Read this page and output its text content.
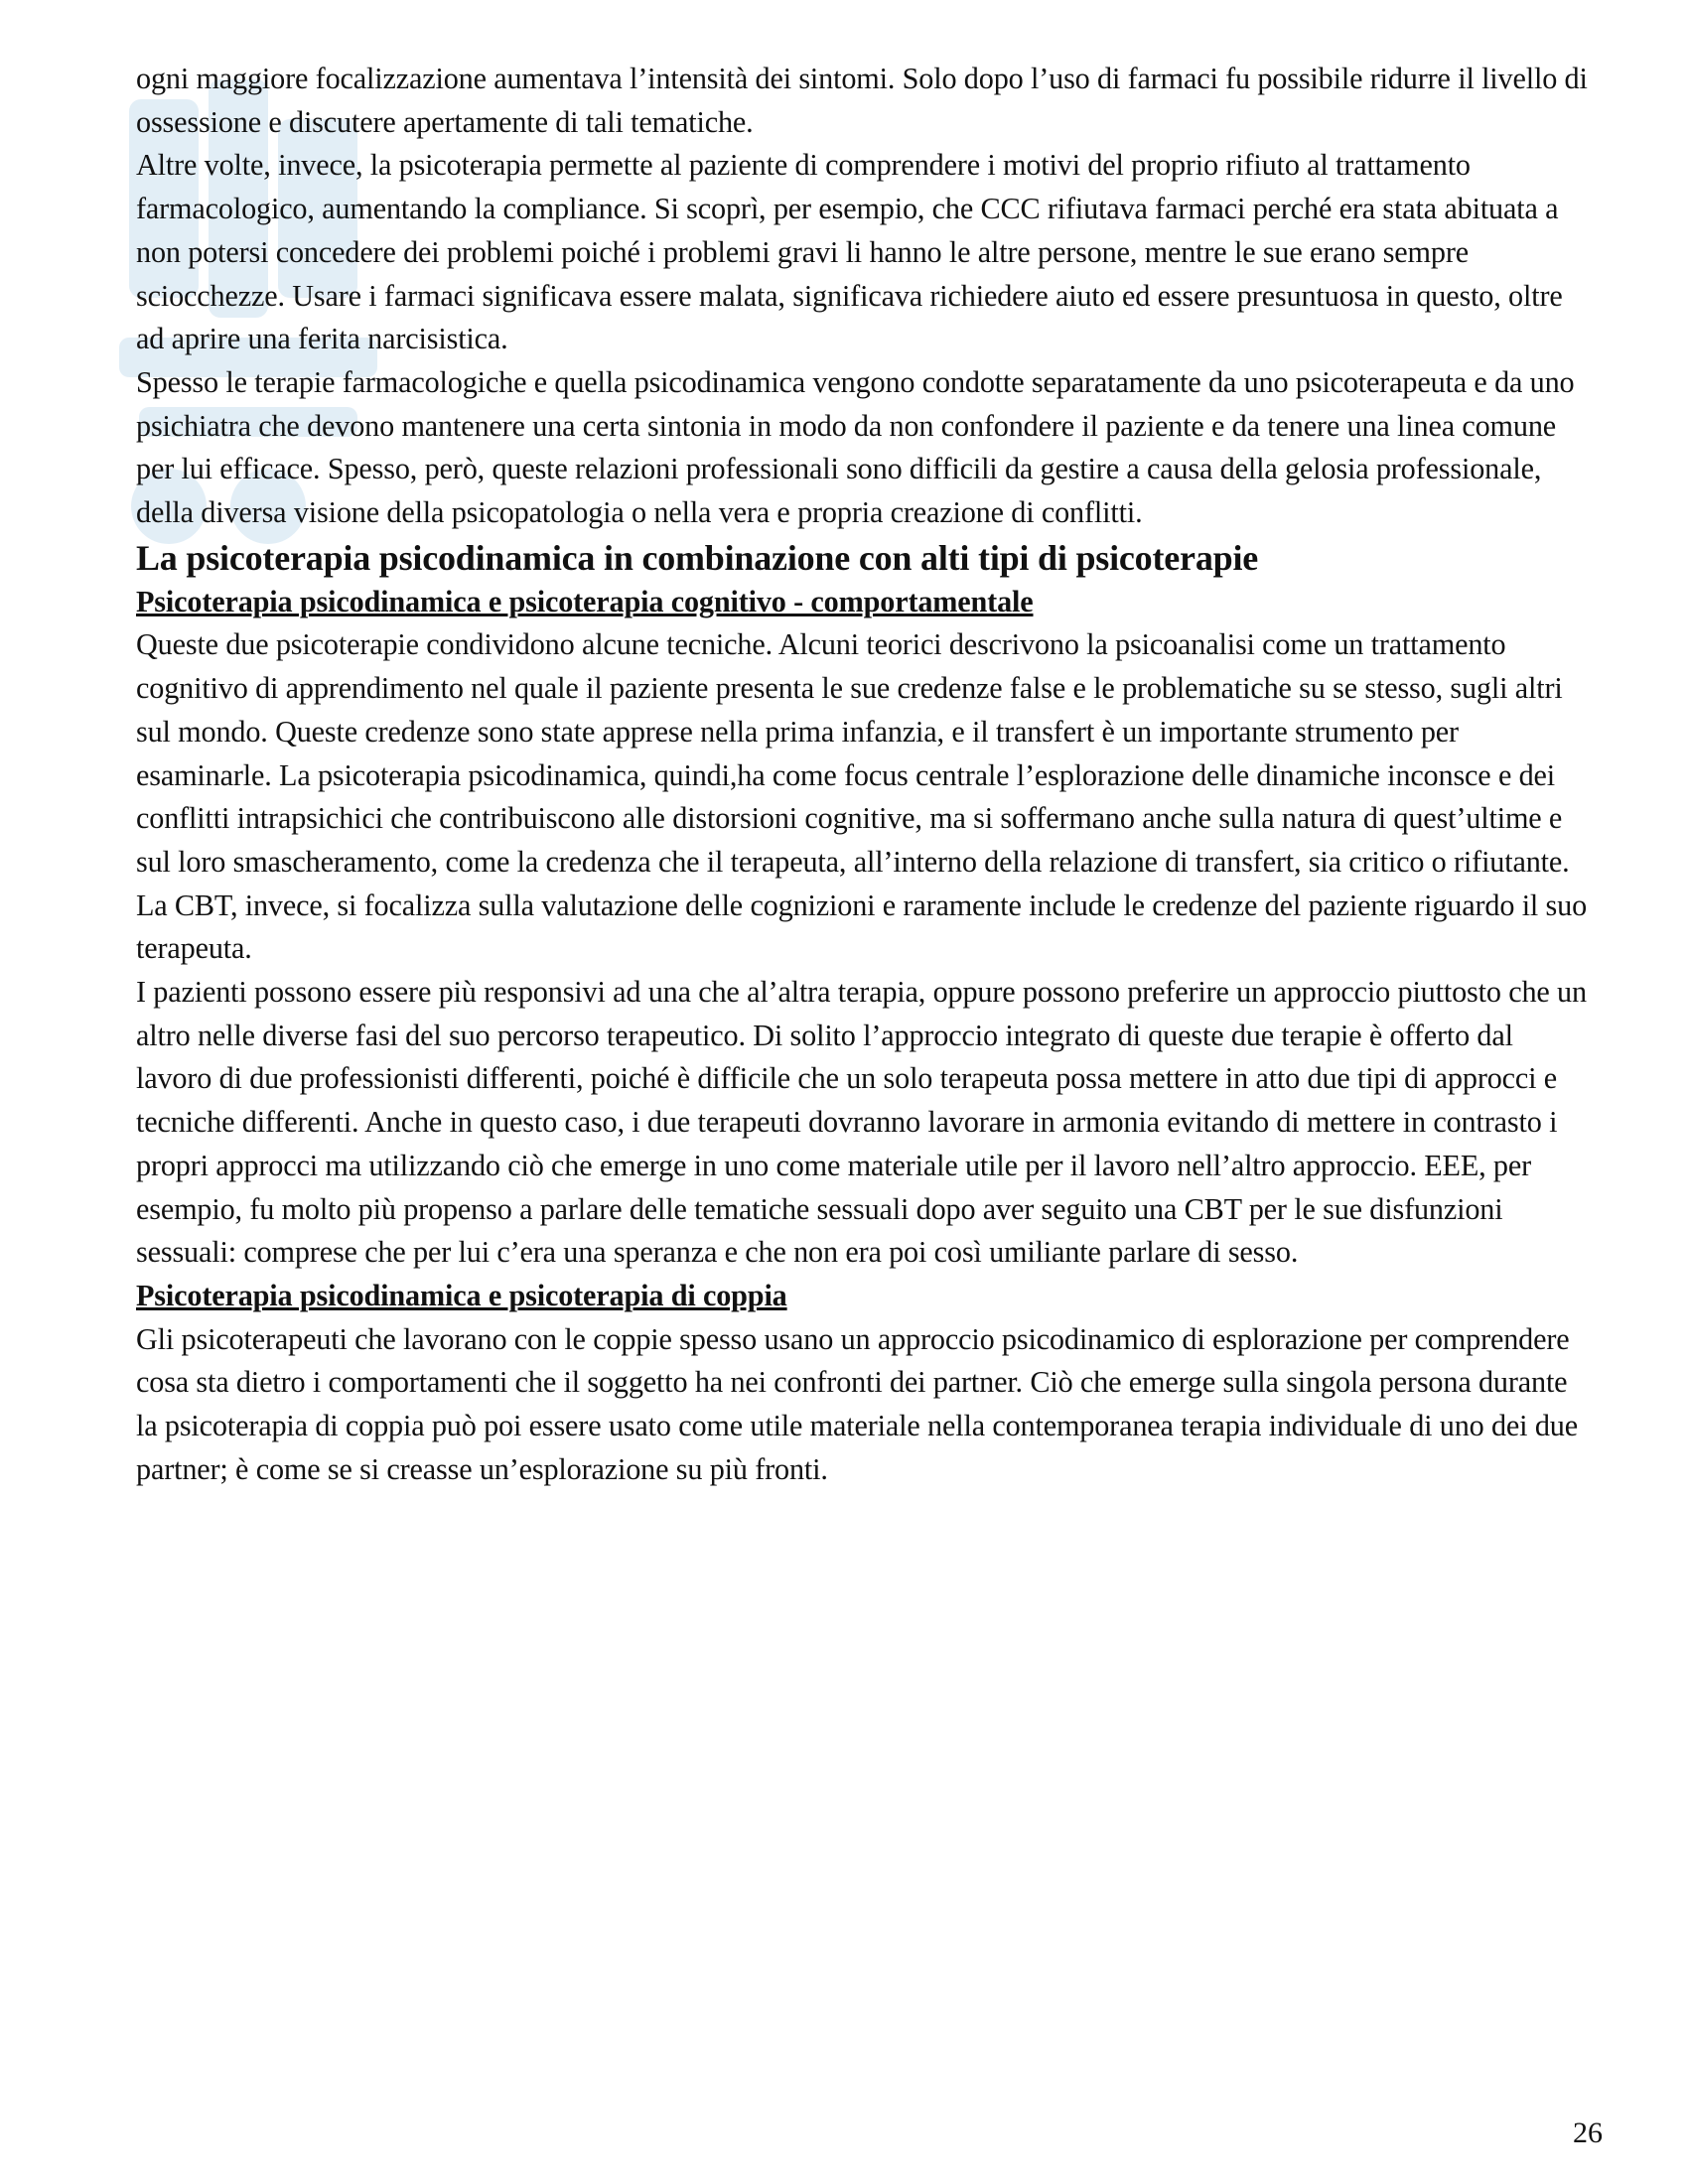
ogni maggiore focalizzazione aumentava l’intensità dei sintomi. Solo dopo l’uso di farmaci fu possibile ridurre il livello di ossessione e discutere apertamente di tali tematiche.

Altre volte, invece, la psicoterapia permette al paziente di comprendere i motivi del proprio rifiuto al trattamento farmacologico, aumentando la compliance. Si scoprì, per esempio, che CCC rifiutava farmaci perché era stata abituata a non potersi concedere dei problemi poiché i problemi gravi li hanno le altre persone, mentre le sue erano sempre sciocchezze. Usare i farmaci significava essere malata, significava richiedere aiuto ed essere presuntuosa in questo, oltre ad aprire una ferita narcisistica.

Spesso le terapie farmacologiche e quella psicodinamica vengono condotte separatamente da uno psicoterapeuta e da uno psichiatra che devono mantenere una certa sintonia in modo da non confondere il paziente e da tenere una linea comune per lui efficace. Spesso, però, queste relazioni professionali sono difficili da gestire a causa della gelosia professionale, della diversa visione della psicopatologia o nella vera e propria creazione di conflitti.

La psicoterapia psicodinamica in combinazione con alti tipi di psicoterapie
Psicoterapia psicodinamica e psicoterapia cognitivo - comportamentale

Queste due psicoterapie condividono alcune tecniche. Alcuni teorici descrivono la psicoanalisi come un trattamento cognitivo di apprendimento nel quale il paziente presenta le sue credenze false e le problematiche su se stesso, sugli altri sul mondo. Queste credenze sono state apprese nella prima infanzia, e il transfert è un importante strumento per esaminarle. La psicoterapia psicodinamica, quindi,ha come focus centrale l’esplorazione delle dinamiche inconsce e dei conflitti intrapsichici che contribuiscono alle distorsioni cognitive, ma si soffermano anche sulla natura di quest’ultime e sul loro smascheramento, come la credenza che il terapeuta, all’interno della relazione di transfert, sia critico o rifiutante. La CBT, invece, si focalizza sulla valutazione delle cognizioni e raramente include le credenze del paziente riguardo il suo terapeuta.

I pazienti possono essere più responsivi ad una che al’altra terapia, oppure possono preferire un approccio piuttosto che un altro nelle diverse fasi del suo percorso terapeutico. Di solito l’approccio integrato di queste due terapie è offerto dal lavoro di due professionisti differenti, poiché è difficile che un solo terapeuta possa mettere in atto due tipi di approcci e tecniche differenti. Anche in questo caso, i due terapeuti dovranno lavorare in armonia evitando di mettere in contrasto i propri approcci ma utilizzando ciò che emerge in uno come materiale utile per il lavoro nell’altro approccio. EEE, per esempio, fu molto più propenso a parlare delle tematiche sessuali dopo aver seguito una CBT per le sue disfunzioni sessuali: comprese che per lui c’era una speranza e che non era poi così umiliante parlare di sesso.

Psicoterapia psicodinamica e psicoterapia di coppia

Gli psicoterapeuti che lavorano con le coppie spesso usano un approccio psicodinamico di esplorazione per comprendere cosa sta dietro i comportamenti che il soggetto ha nei confronti dei partner. Ciò che emerge sulla singola persona durante la psicoterapia di coppia può poi essere usato come utile materiale nella contemporanea terapia individuale di uno dei due partner; è come se si creasse un’esplorazione su più fronti.

26
